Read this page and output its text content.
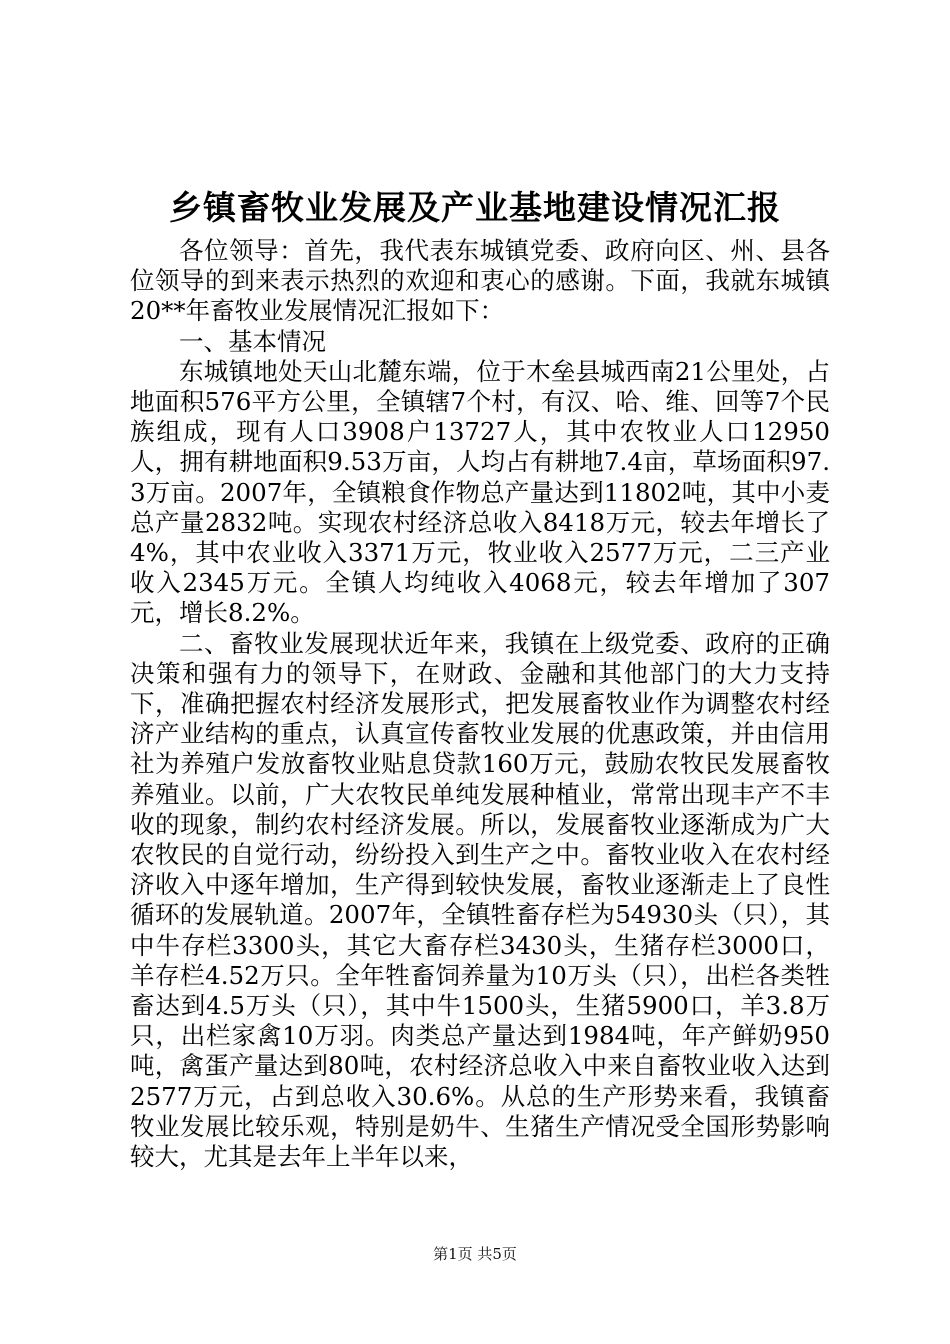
乡镇畜牧业发展及产业基地建设情况汇报

各位领导：首先，我代表东城镇党委、政府向区、州、县各位领导的到来表示热烈的欢迎和衷心的感谢。下面，我就东城镇20**年畜牧业发展情况汇报如下：

一、基本情况

东城镇地处天山北麓东端，位于木垒县城西南21公里处，占地面积576平方公里，全镇辖7个村，有汉、哈、维、回等7个民族组成，现有人口3908户13727人，其中农牧业人口12950人，拥有耕地面积9.53万亩，人均占有耕地7.4亩，草场面积97.3万亩。2007年，全镇粮食作物总产量达到11802吨，其中小麦总产量2832吨。实现农村经济总收入8418万元，较去年增长了4%，其中农业收入3371万元，牧业收入2577万元，二三产业收入2345万元。全镇人均纯收入4068元，较去年增加了307元，增长8.2%。

二、畜牧业发展现状近年来，我镇在上级党委、政府的正确决策和强有力的领导下，在财政、金融和其他部门的大力支持下，准确把握农村经济发展形式，把发展畜牧业作为调整农村经济产业结构的重点，认真宣传畜牧业发展的优惠政策，并由信用社为养殖户发放畜牧业贴息贷款160万元，鼓励农牧民发展畜牧养殖业。以前，广大农牧民单纯发展种植业，常常出现丰产不丰收的现象，制约农村经济发展。所以，发展畜牧业逐渐成为广大农牧民的自觉行动，纷纷投入到生产之中。畜牧业收入在农村经济收入中逐年增加，生产得到较快发展，畜牧业逐渐走上了良性循环的发展轨道。2007年，全镇牲畜存栏为54930头（只），其中牛存栏3300头，其它大畜存栏3430头，生猪存栏3000口，羊存栏4.52万只。全年牲畜饲养量为10万头（只），出栏各类牲畜达到4.5万头（只），其中牛1500头，生猪5900口，羊3.8万只，出栏家禽10万羽。肉类总产量达到1984吨，年产鲜奶950吨，禽蛋产量达到80吨，农村经济总收入中来自畜牧业收入达到2577万元，占到总收入30.6%。从总的生产形势来看，我镇畜牧业发展比较乐观，特别是奶牛、生猪生产情况受全国形势影响较大，尤其是去年上半年以来，

第1页 共5页
